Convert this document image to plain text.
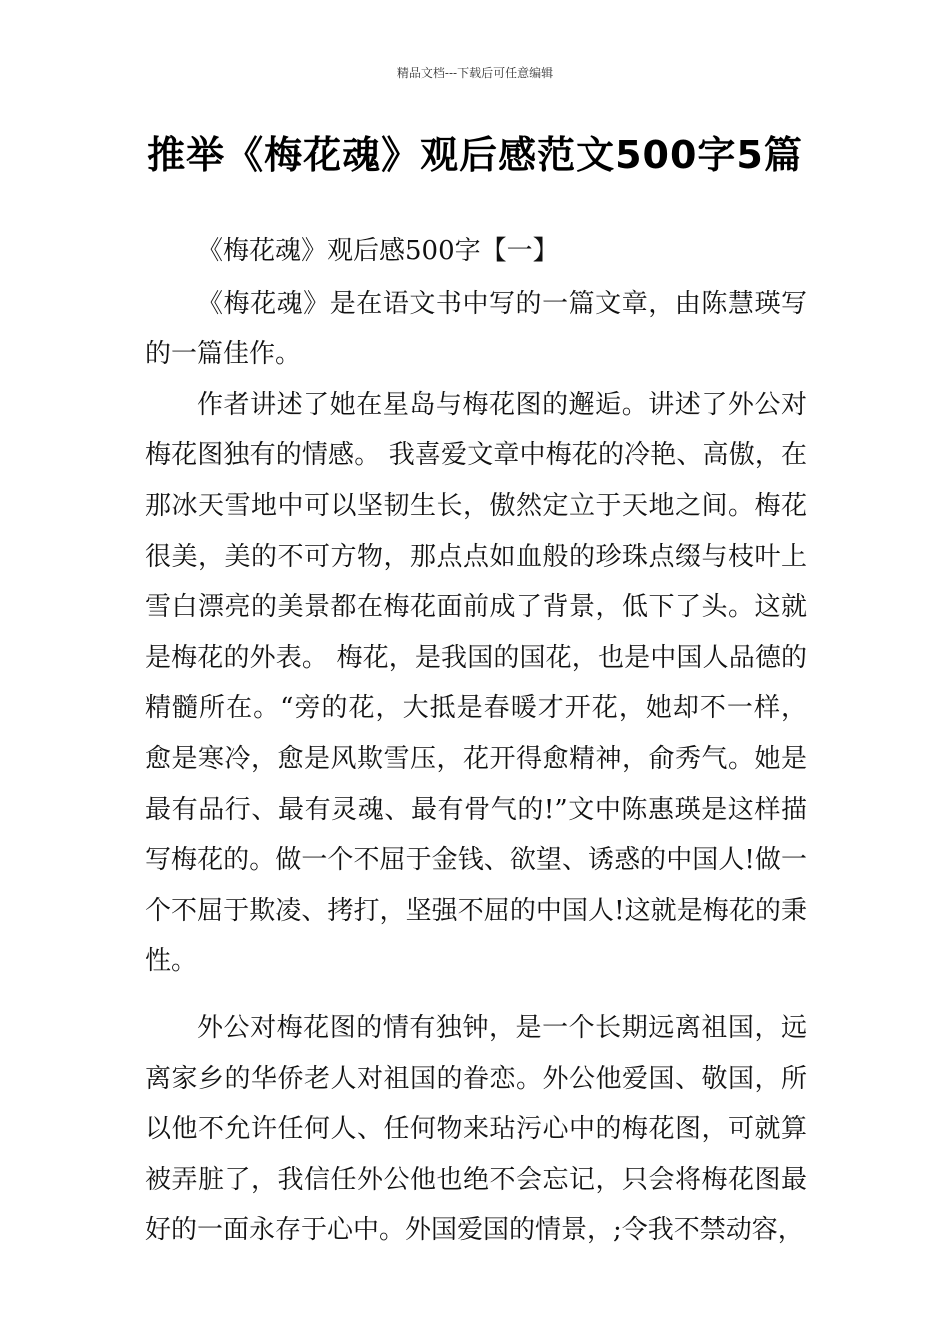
精品文档---下载后可任意编辑
推举《梅花魂》观后感范文500字5篇

《梅花魂》观后感500字【一】

《梅花魂》是在语文书中写的一篇文章，由陈慧瑛写的一篇佳作。

作者讲述了她在星岛与梅花图的邂逅。讲述了外公对梅花图独有的情感。 我喜爱文章中梅花的冷艳、高傲，在那冰天雪地中可以坚韧生长，傲然定立于天地之间。梅花很美，美的不可方物，那点点如血般的珍珠点缀与枝叶上雪白漂亮的美景都在梅花面前成了背景，低下了头。这就是梅花的外表。 梅花，是我国的国花，也是中国人品德的精髓所在。“旁的花，大抵是春暖才开花，她却不一样，愈是寒冷，愈是风欺雪压，花开得愈精神，俞秀气。她是最有品行、最有灵魂、最有骨气的!”文中陈惠瑛是这样描写梅花的。做一个不屈于金钱、欲望、诱惑的中国人!做一个不屈于欺凌、拷打，坚强不屈的中国人!这就是梅花的秉性。

外公对梅花图的情有独钟，是一个长期远离祖国，远离家乡的华侨老人对祖国的眷恋。外公他爱国、敬国，所以他不允许任何人、任何物来玷污心中的梅花图，可就算被弄脏了，我信任外公他也绝不会忘记，只会将梅花图最好的一面永存于心中。外国爱国的情景，;令我不禁动容，
